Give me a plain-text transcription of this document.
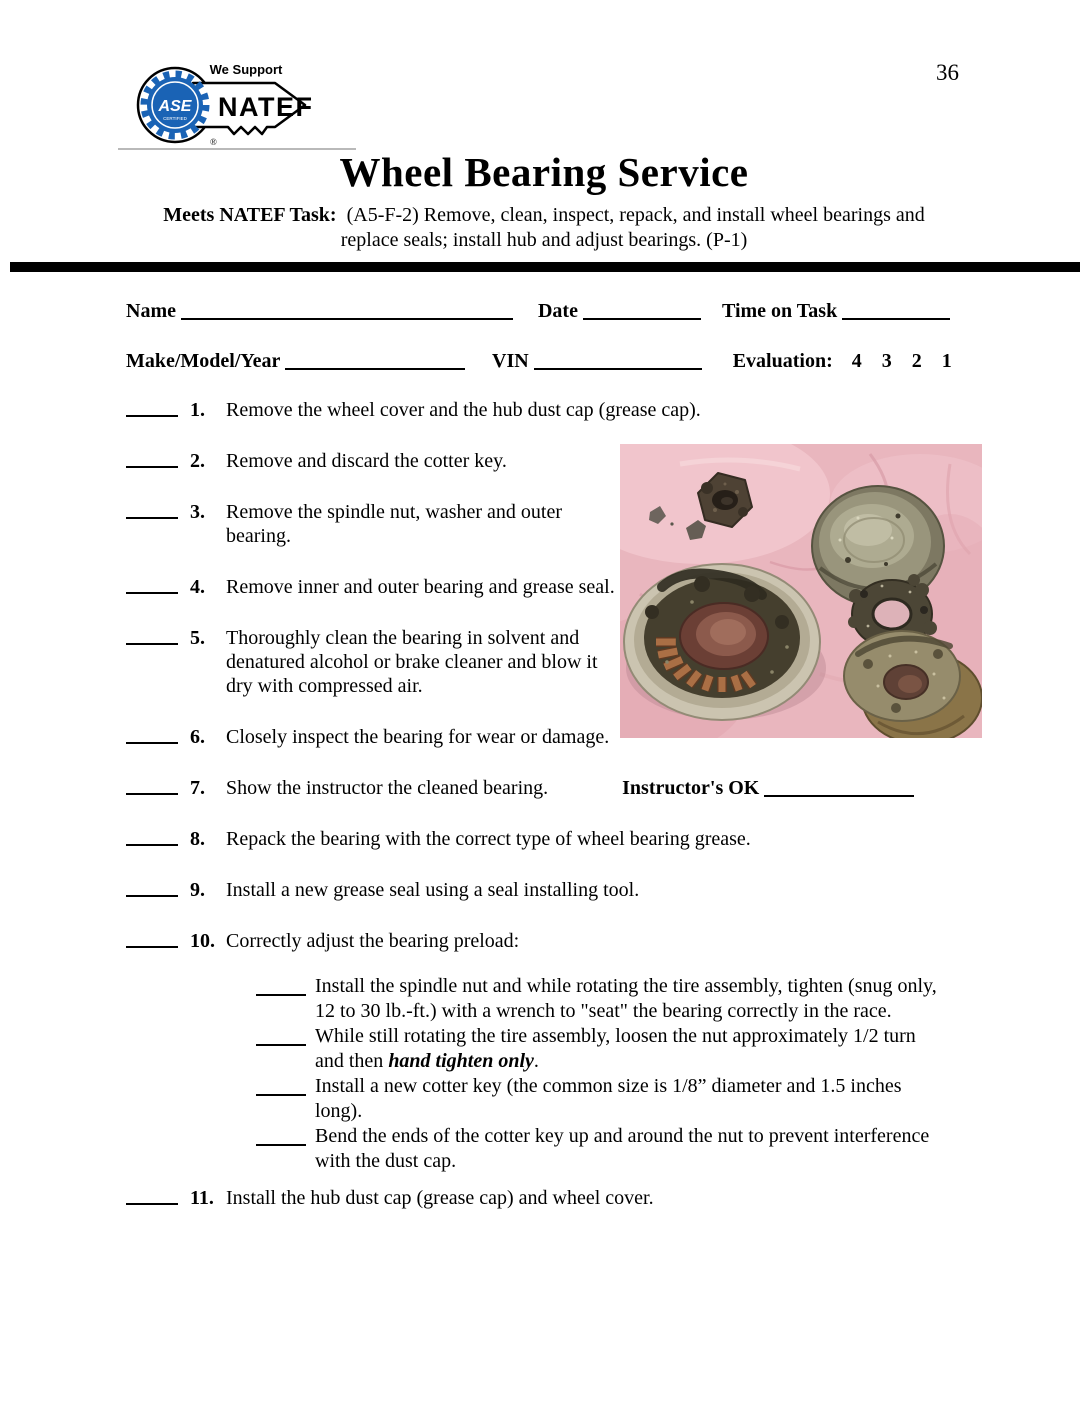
36
ASE
CERTIFIED
We Support
NATEF
®
Wheel Bearing Service
Meets NATEF Task: (A5-F-2) Remove, clean, inspect, repack, and install wheel bearings and
replace seals; install hub and adjust bearings. (P-1)
Name	Date	Time on Task
Make/Model/Year	VIN	Evaluation: 4    3    2    1
1.	Remove the wheel cover and the hub dust cap (grease cap).
2.	Remove and discard the cotter key.
3.	Remove the spindle nut, washer and outer bearing.
4.	Remove inner and outer bearing and grease seal.
5.	Thoroughly clean the bearing in solvent and denatured alcohol or brake cleaner and blow it dry with compressed air.
6.	Closely inspect the bearing for wear or damage.
7.	Show the instructor the cleaned bearing.	Instructor's OK
8.	Repack the bearing with the correct type of wheel bearing grease.
9.	Install a new grease seal using a seal installing tool.
10. Correctly adjust the bearing preload:
Install the spindle nut and while rotating the tire assembly, tighten (snug only, 12 to 30 lb.-ft.) with a wrench to "seat" the bearing correctly in the race.
While still rotating the tire assembly, loosen the nut approximately 1/2 turn and then hand tighten only.
Install a new cotter key (the common size is 1/8” diameter and 1.5 inches long).
Bend the ends of the cotter key up and around the nut to prevent interference with the dust cap.
11. Install the hub dust cap (grease cap) and wheel cover.
